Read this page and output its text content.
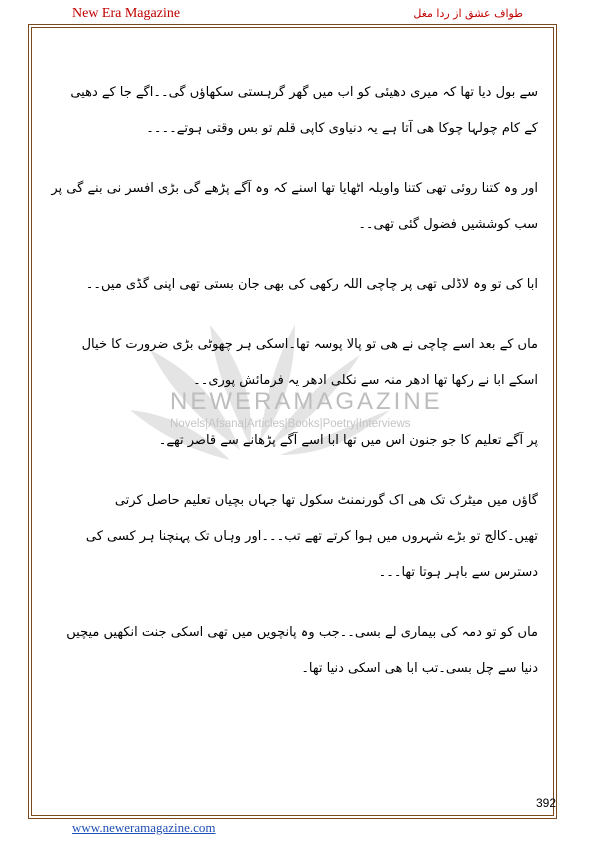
New Era Magazine	طواف عشق از ردا مغل
NEWERAMAGAZINE
Novels|Afsana|Articles|Books|Poetry|Interviews
سے بول دیا تھا کہ میری دھیئی کو اب میں گھر گرہستی سکھاؤں گی۔۔اگے جا کے دھیی
کے کام چولہا چوکا ھی آتا ہے یہ دنیاوی کاپی قلم تو بس وقتی ہوتے۔۔۔۔
اور وہ کتنا روئی تھی کتنا واویلہ اٹھایا تھا اسنے کہ وہ آگے پڑھے گی بڑی افسر نی بنے گی پر
سب کوششیں فضول گئی تھی۔۔
ابا کی تو وہ لاڈلی تھی پر چاچی اللہ رکھی کی بھی جان بستی تھی اپنی گڈی میں۔۔
ماں کے بعد اسے چاچی نے ھی تو پالا پوسہ تھا۔اسکی ہر چھوٹی بڑی ضرورت کا خیال
اسکے ابا نے رکھا تھا ادھر منہ سے نکلی ادھر یہ فرمائش پوری۔۔
پر آگے تعلیم کا جو جنون اس میں تھا ابا اسے آگے پڑھانے سے قاصر تھے۔
گاؤں میں میٹرک تک ھی اک گورنمنٹ سکول تھا جہاں بچیاں تعلیم حاصل کرتی
تھیں۔کالج تو بڑے شہروں میں ہوا کرتے تھے تب۔۔۔اور وہاں تک پہنچنا ہر کسی کی
دسترس سے باہر ہوتا تھا۔۔۔
ماں کو تو دمہ کی بیماری لے بسی۔۔جب وہ پانچویں میں تھی اسکی جنت انکھیں میچیں
دنیا سے چل بسی۔تب ابا ھی اسکی دنیا تھا۔
392
www.neweramagazine.com
